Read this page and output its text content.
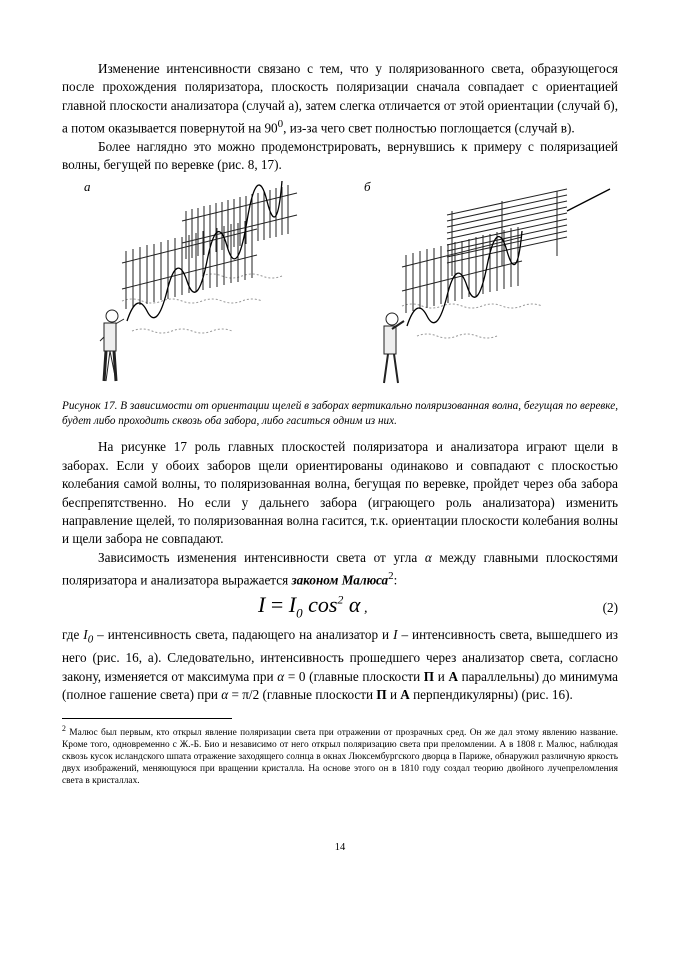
Изменение интенсивности связано с тем, что у поляризованного света, образующегося после прохождения поляризатора, плоскость поляризации сначала совпадает с ориентацией главной плоскости анализатора (случай а), затем слегка отличается от этой ориентации (случай б), а потом оказывается повернутой на $90^0$, из-за чего свет полностью поглощается (случай в).

Более наглядно это можно продемонстрировать, вернувшись к примеру с поляризацией волны, бегущей по веревке (рис. 8, 17).

а	б

Рисунок 17. В зависимости от ориентации щелей в заборах вертикально поляризованная волна, бегущая по веревке, будет либо проходить сквозь оба забора, либо гаситься одним из них.

На рисунке 17 роль главных плоскостей поляризатора и анализатора играют щели в заборах. Если у обоих заборов щели ориентированы одинаково и совпадают с плоскостью колебания самой волны, то поляризованная волна, бегущая по веревке, пройдет через оба забора беспрепятственно. Но если у дальнего забора (играющего роль анализатора) изменить направление щелей, то поляризованная волна гасится, т.к. ориентации плоскости колебания волны и щели забора не совпадают.

Зависимость изменения интенсивности света от угла α между главными плоскостями поляризатора и анализатора выражается законом Малюса$^2$:

$I = I_0$ $\cos^2 \alpha$ ,	(2)

где $I_0$ – интенсивность света, падающего на анализатор и I – интенсивность света, вышедшего из него (рис. 16, а). Следовательно, интенсивность прошедшего через анализатор света, согласно закону, изменяется от максимума при α = 0 (главные плоскости П и А параллельны) до минимума (полное гашение света) при α = π/2 (главные плоскости П и А перпендикулярны) (рис. 16).

$^2$ Малюс был первым, кто открыл явление поляризации света при отражении от прозрачных сред. Он же дал этому явлению название. Кроме того, одновременно с Ж.-Б. Био и независимо от него открыл поляризацию света при преломлении. А в 1808 г. Малюс, наблюдая сквозь кусок исландского шпата отражение заходящего солнца в окнах Люксембургского дворца в Париже, обнаружил различную яркость двух изображений, меняющуюся при вращении кристалла. На основе этого он в 1810 году создал теорию двойного лучепреломления света в кристаллах.

14
